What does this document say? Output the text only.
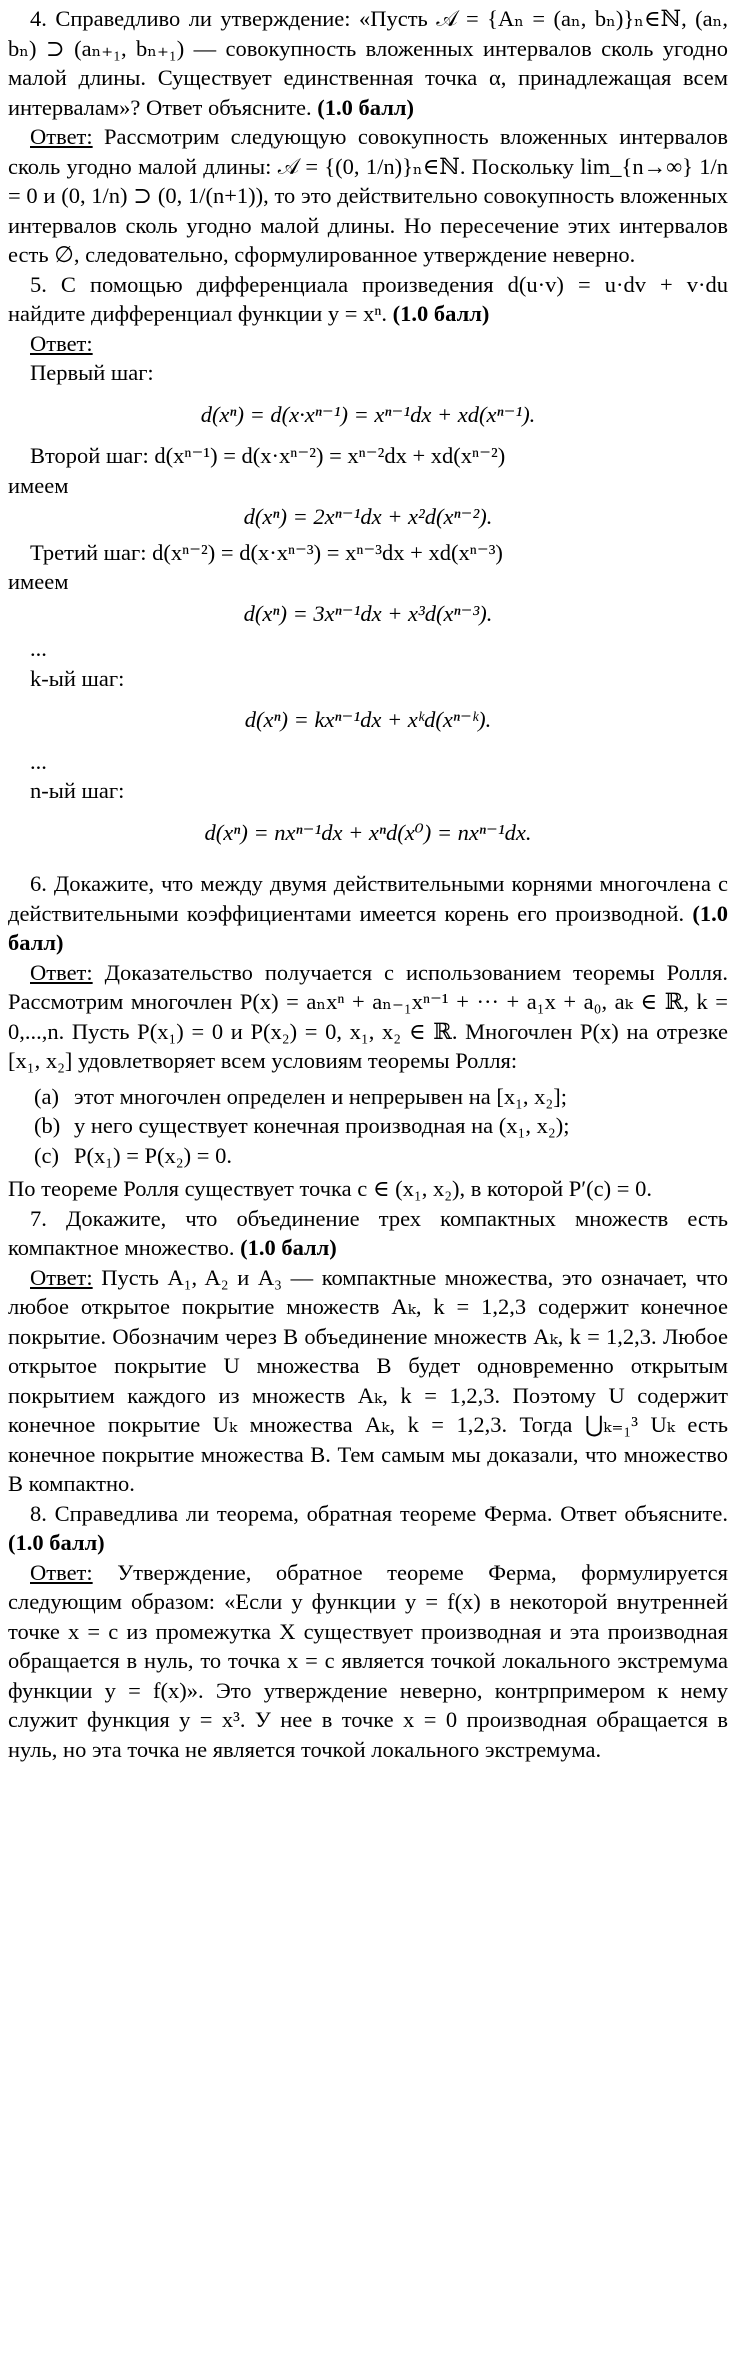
4. Справедливо ли утверждение: «Пусть 𝒜 = {Aₙ = (aₙ, bₙ)}ₙ∈ℕ, (aₙ, bₙ) ⊃ (aₙ₊₁, bₙ₊₁) — совокупность вложенных интервалов сколь угодно малой длины. Существует единственная точка α, принадлежащая всем интервалам»? Ответ объясните. (1.0 балл)

Ответ: Рассмотрим следующую совокупность вложенных интервалов сколь угодно малой длины: 𝒜 = {(0, 1/n)}ₙ∈ℕ. Поскольку lim_{n→∞} 1/n = 0 и (0, 1/n) ⊃ (0, 1/(n+1)), то это действительно совокупность вложенных интервалов сколь угодно малой длины. Но пересечение этих интервалов есть ∅, следовательно, сформулированное утверждение неверно.

5. С помощью дифференциала произведения d(u·v) = u·dv + v·du найдите дифференциал функции y = xⁿ. (1.0 балл)

Ответ:

Первый шаг:

d(xⁿ) = d(x·xⁿ⁻¹) = xⁿ⁻¹dx + xd(xⁿ⁻¹).

Второй шаг: d(xⁿ⁻¹) = d(x·xⁿ⁻²) = xⁿ⁻²dx + xd(xⁿ⁻²)

имеем

d(xⁿ) = 2xⁿ⁻¹dx + x²d(xⁿ⁻²).

Третий шаг: d(xⁿ⁻²) = d(x·xⁿ⁻³) = xⁿ⁻³dx + xd(xⁿ⁻³)

имеем

d(xⁿ) = 3xⁿ⁻¹dx + x³d(xⁿ⁻³).

...

k-ый шаг:

d(xⁿ) = kxⁿ⁻¹dx + xᵏd(xⁿ⁻ᵏ).

...

n-ый шаг:

d(xⁿ) = nxⁿ⁻¹dx + xⁿd(x⁰) = nxⁿ⁻¹dx.

6. Докажите, что между двумя действительными корнями многочлена с действительными коэффициентами имеется корень его производной. (1.0 балл)

Ответ: Доказательство получается с использованием теоремы Ролля. Рассмотрим многочлен P(x) = aₙxⁿ + aₙ₋₁xⁿ⁻¹ + ··· + a₁x + a₀, aₖ ∈ ℝ, k = 0,...,n. Пусть P(x₁) = 0 и P(x₂) = 0, x₁, x₂ ∈ ℝ. Многочлен P(x) на отрезке [x₁, x₂] удовлетворяет всем условиям теоремы Ролля:

(a) этот многочлен определен и непрерывен на [x₁, x₂];
(b) у него существует конечная производная на (x₁, x₂);
(c) P(x₁) = P(x₂) = 0.

По теореме Ролля существует точка c ∈ (x₁, x₂), в которой P′(c) = 0.

7. Докажите, что объединение трех компактных множеств есть компактное множество. (1.0 балл)

Ответ: Пусть A₁, A₂ и A₃ — компактные множества, это означает, что любое открытое покрытие множеств Aₖ, k = 1,2,3 содержит конечное покрытие. Обозначим через B объединение множеств Aₖ, k = 1,2,3. Любое открытое покрытие U множества B будет одновременно открытым покрытием каждого из множеств Aₖ, k = 1,2,3. Поэтому U содержит конечное покрытие Uₖ множества Aₖ, k = 1,2,3. Тогда ⋃ₖ₌₁³ Uₖ есть конечное покрытие множества B. Тем самым мы доказали, что множество B компактно.

8. Справедлива ли теорема, обратная теореме Ферма. Ответ объясните. (1.0 балл)

Ответ: Утверждение, обратное теореме Ферма, формулируется следующим образом: «Если у функции y = f(x) в некоторой внутренней точке x = c из промежутка X существует производная и эта производная обращается в нуль, то точка x = c является точкой локального экстремума функции y = f(x)». Это утверждение неверно, контрпримером к нему служит функция y = x³. У нее в точке x = 0 производная обращается в нуль, но эта точка не является точкой локального экстремума.
